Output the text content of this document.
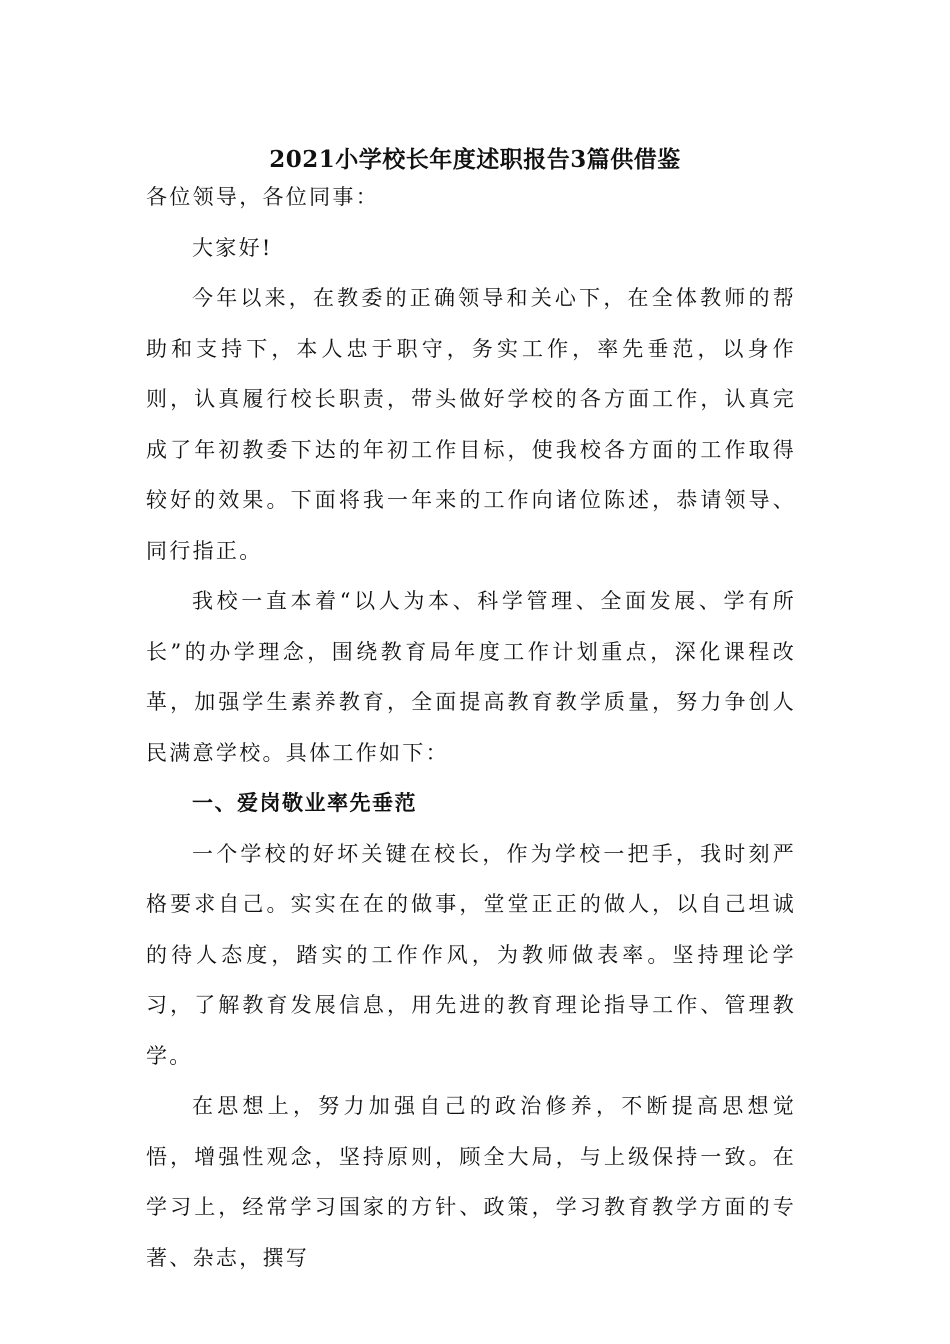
2021小学校长年度述职报告3篇供借鉴

各位领导，各位同事：

大家好!

今年以来，在教委的正确领导和关心下，在全体教师的帮助和支持下，本人忠于职守，务实工作，率先垂范，以身作则，认真履行校长职责，带头做好学校的各方面工作，认真完成了年初教委下达的年初工作目标，使我校各方面的工作取得较好的效果。下面将我一年来的工作向诸位陈述，恭请领导、同行指正。

我校一直本着“以人为本、科学管理、全面发展、学有所长”的办学理念，围绕教育局年度工作计划重点，深化课程改革，加强学生素养教育，全面提高教育教学质量，努力争创人民满意学校。具体工作如下：

一、爱岗敬业率先垂范

一个学校的好坏关键在校长，作为学校一把手，我时刻严格要求自己。实实在在的做事，堂堂正正的做人，以自己坦诚的待人态度，踏实的工作作风，为教师做表率。坚持理论学习，了解教育发展信息，用先进的教育理论指导工作、管理教学。

在思想上，努力加强自己的政治修养，不断提高思想觉悟，增强性观念，坚持原则，顾全大局，与上级保持一致。在学习上，经常学习国家的方针、政策，学习教育教学方面的专著、杂志，撰写
